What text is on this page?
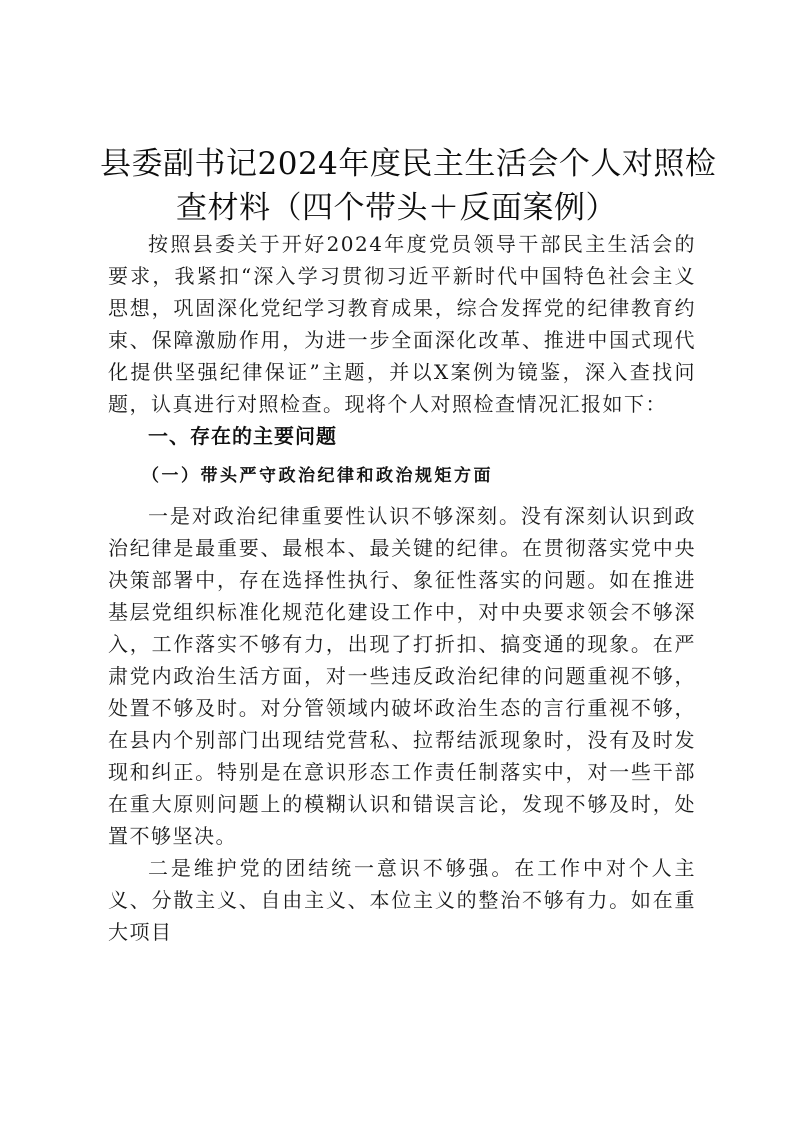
县委副书记2024年度民主生活会个人对照检
查材料（四个带头＋反面案例）

按照县委关于开好2024年度党员领导干部民主生活会的要求，我紧扣“深入学习贯彻习近平新时代中国特色社会主义思想，巩固深化党纪学习教育成果，综合发挥党的纪律教育约束、保障激励作用，为进一步全面深化改革、推进中国式现代化提供坚强纪律保证”主题，并以X案例为镜鉴，深入查找问题，认真进行对照检查。现将个人对照检查情况汇报如下：

一、存在的主要问题

（一）带头严守政治纪律和政治规矩方面

一是对政治纪律重要性认识不够深刻。没有深刻认识到政治纪律是最重要、最根本、最关键的纪律。在贯彻落实党中央决策部署中，存在选择性执行、象征性落实的问题。如在推进基层党组织标准化规范化建设工作中，对中央要求领会不够深入，工作落实不够有力，出现了打折扣、搞变通的现象。在严肃党内政治生活方面，对一些违反政治纪律的问题重视不够，处置不够及时。对分管领域内破坏政治生态的言行重视不够，在县内个别部门出现结党营私、拉帮结派现象时，没有及时发现和纠正。特别是在意识形态工作责任制落实中，对一些干部在重大原则问题上的模糊认识和错误言论，发现不够及时，处置不够坚决。

二是维护党的团结统一意识不够强。在工作中对个人主义、分散主义、自由主义、本位主义的整治不够有力。如在重大项目
